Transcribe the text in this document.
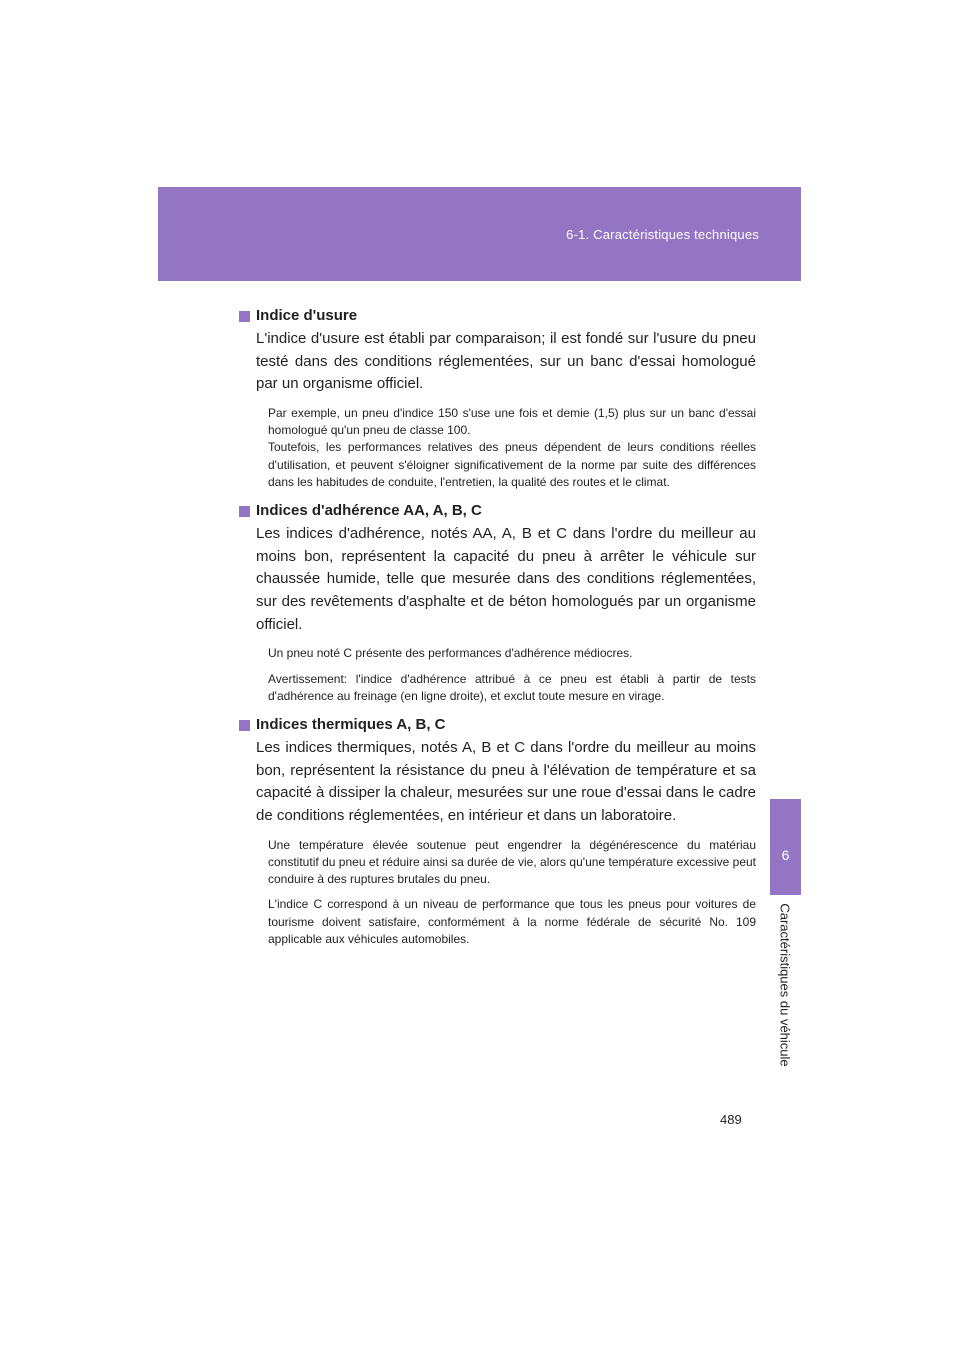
6-1. Caractéristiques techniques
6
Caractéristiques du véhicule
Indice d'usure

L'indice d'usure est établi par comparaison; il est fondé sur l'usure du pneu testé dans des conditions réglementées, sur un banc d'essai homologué par un organisme officiel.

Par exemple, un pneu d'indice 150 s'use une fois et demie (1,5) plus sur un banc d'essai homologué qu'un pneu de classe 100.

Toutefois, les performances relatives des pneus dépendent de leurs conditions réelles d'utilisation, et peuvent s'éloigner significativement de la norme par suite des différences dans les habitudes de conduite, l'entretien, la qualité des routes et le climat.

Indices d'adhérence AA, A, B, C

Les indices d'adhérence, notés AA, A, B et C dans l'ordre du meilleur au moins bon, représentent la capacité du pneu à arrêter le véhicule sur chaussée humide, telle que mesurée dans des conditions réglementées, sur des revêtements d'asphalte et de béton homologués par un organisme officiel.

Un pneu noté C présente des performances d'adhérence médiocres.

Avertissement: l'indice d'adhérence attribué à ce pneu est établi à partir de tests d'adhérence au freinage (en ligne droite), et exclut toute mesure en virage.

Indices thermiques A, B, C

Les indices thermiques, notés A, B et C dans l'ordre du meilleur au moins bon, représentent la résistance du pneu à l'élévation de température et sa capacité à dissiper la chaleur, mesurées sur une roue d'essai dans le cadre de conditions réglementées, en intérieur et dans un laboratoire.

Une température élevée soutenue peut engendrer la dégénérescence du matériau constitutif du pneu et réduire ainsi sa durée de vie, alors qu'une température excessive peut conduire à des ruptures brutales du pneu.

L'indice C correspond à un niveau de performance que tous les pneus pour voitures de tourisme doivent satisfaire, conformément à la norme fédérale de sécurité No. 109 applicable aux véhicules automobiles.

489
